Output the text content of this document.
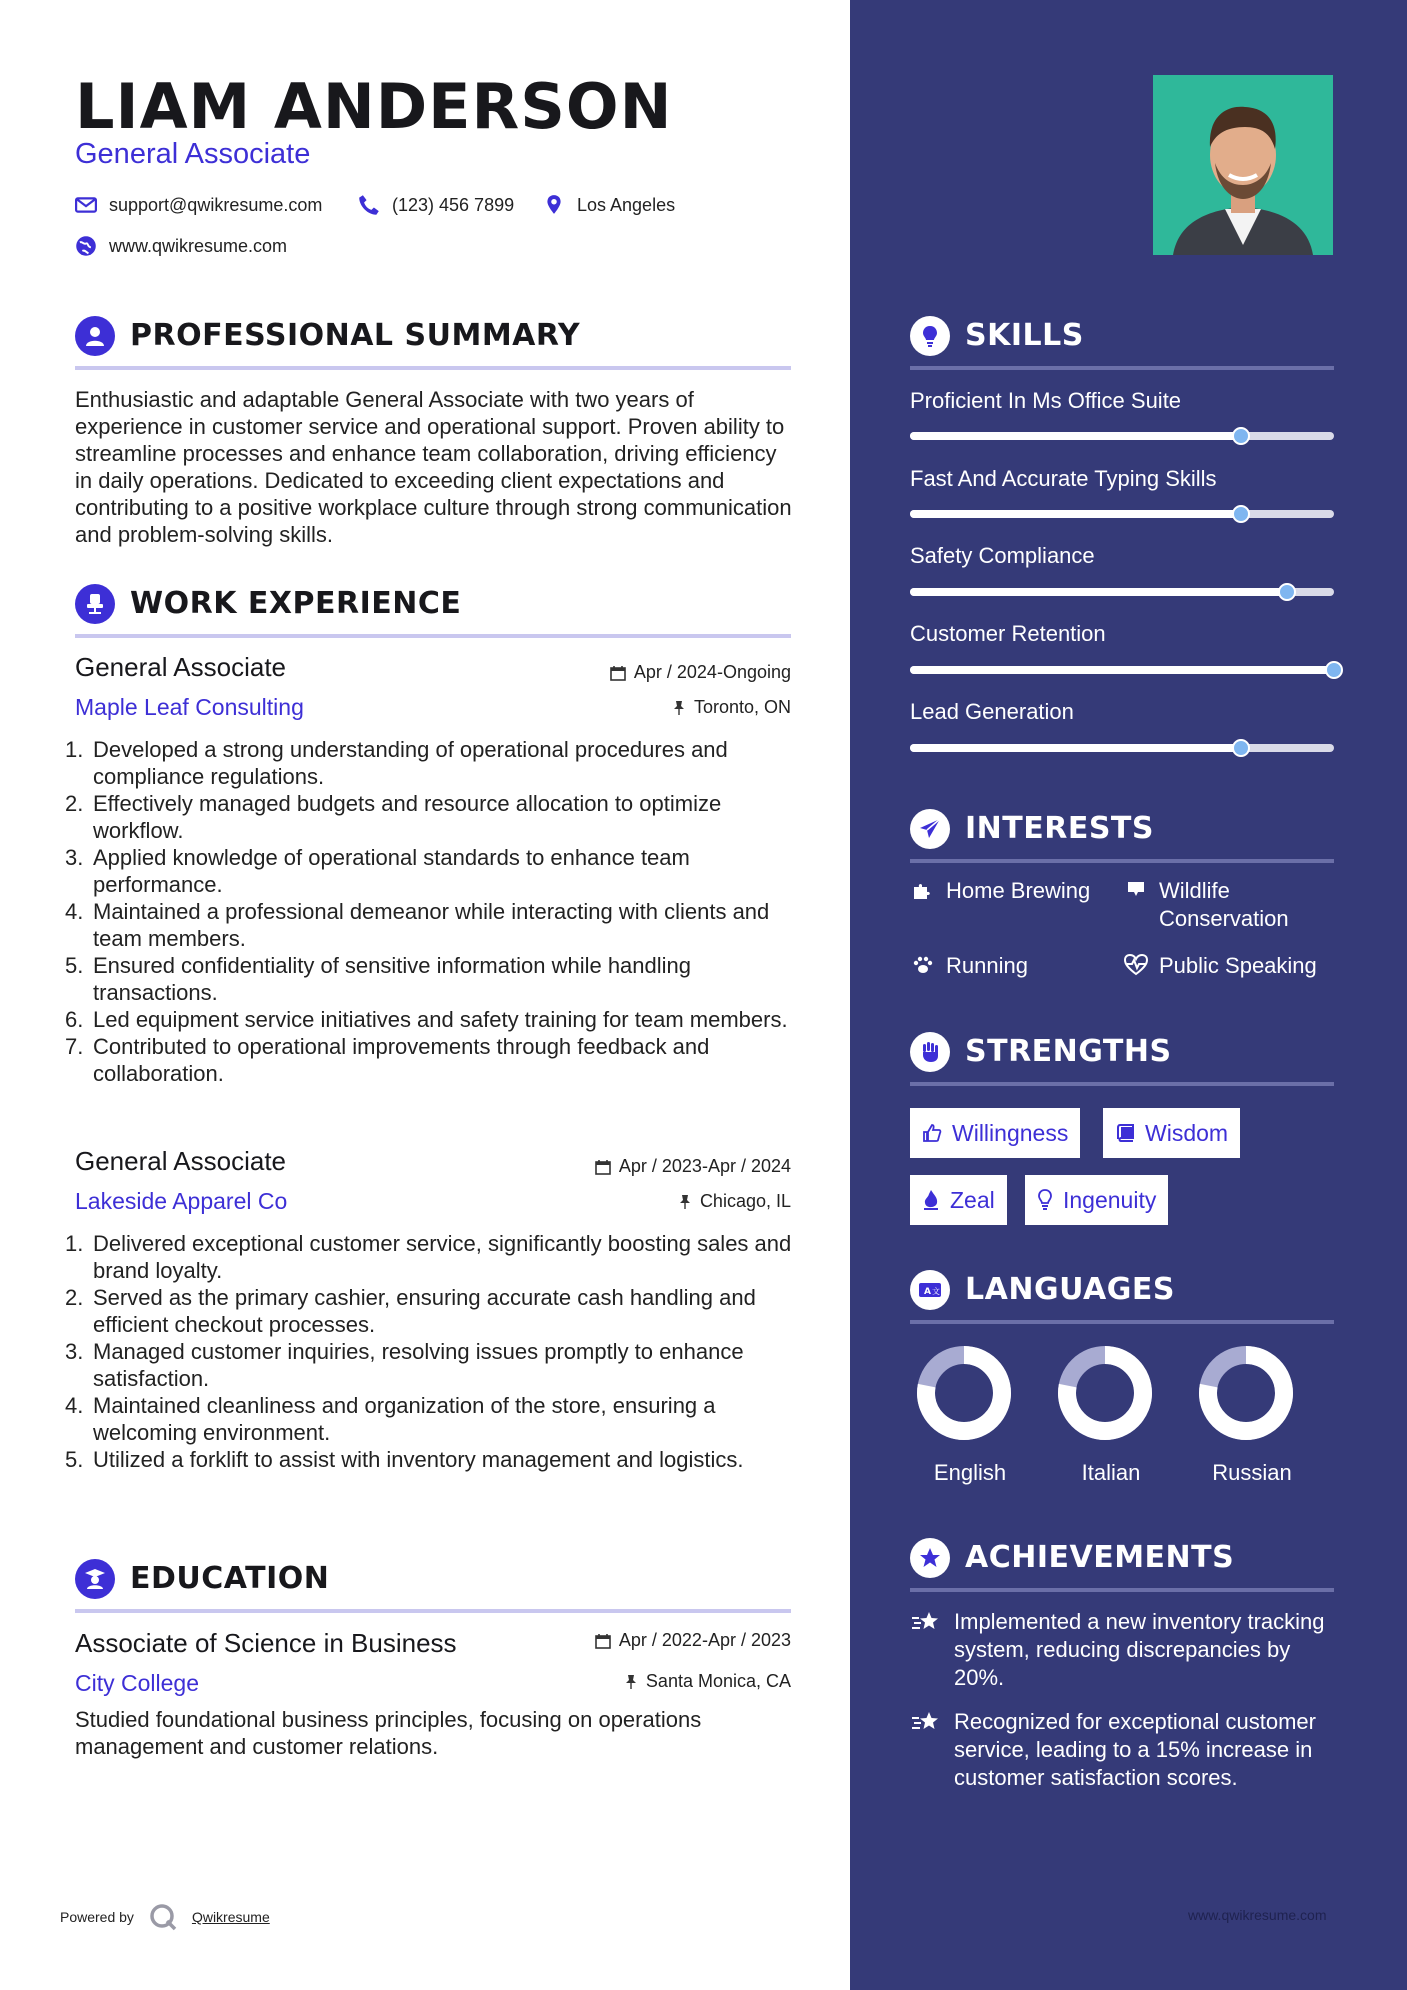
LIAM ANDERSON
General Associate
support@qwikresume.com	(123) 456 7899	Los Angeles
www.qwikresume.com
PROFESSIONAL SUMMARY
Enthusiastic and adaptable General Associate with two years of experience in customer service and operational support. Proven ability to streamline processes and enhance team collaboration, driving efficiency in daily operations. Dedicated to exceeding client expectations and contributing to a positive workplace culture through strong communication and problem-solving skills.
WORK EXPERIENCE
General Associate	Apr / 2024-Ongoing
Maple Leaf Consulting	Toronto, ON
Developed a strong understanding of operational procedures and compliance regulations.
Effectively managed budgets and resource allocation to optimize workflow.
Applied knowledge of operational standards to enhance team performance.
Maintained a professional demeanor while interacting with clients and team members.
Ensured confidentiality of sensitive information while handling transactions.
Led equipment service initiatives and safety training for team members.
Contributed to operational improvements through feedback and collaboration.
General Associate	Apr / 2023-Apr / 2024
Lakeside Apparel Co	Chicago, IL
Delivered exceptional customer service, significantly boosting sales and brand loyalty.
Served as the primary cashier, ensuring accurate cash handling and efficient checkout processes.
Managed customer inquiries, resolving issues promptly to enhance satisfaction.
Maintained cleanliness and organization of the store, ensuring a welcoming environment.
Utilized a forklift to assist with inventory management and logistics.
EDUCATION
Associate of Science in Business	Apr / 2022-Apr / 2023
City College	Santa Monica, CA
Studied foundational business principles, focusing on operations management and customer relations.
SKILLS
Proficient In Ms Office Suite
Fast And Accurate Typing Skills
Safety Compliance
Customer Retention
Lead Generation
INTERESTS
Home Brewing	Wildlife Conservation
Running	Public Speaking
STRENGTHS
Willingness	Wisdom
Zeal	Ingenuity
A 文 LANGUAGES
English	Italian	Russian
ACHIEVEMENTS
Implemented a new inventory tracking system, reducing discrepancies by 20%.
Recognized for exceptional customer service, leading to a 15% increase in customer satisfaction scores.
Powered by	Qwikresume	www.qwikresume.com
